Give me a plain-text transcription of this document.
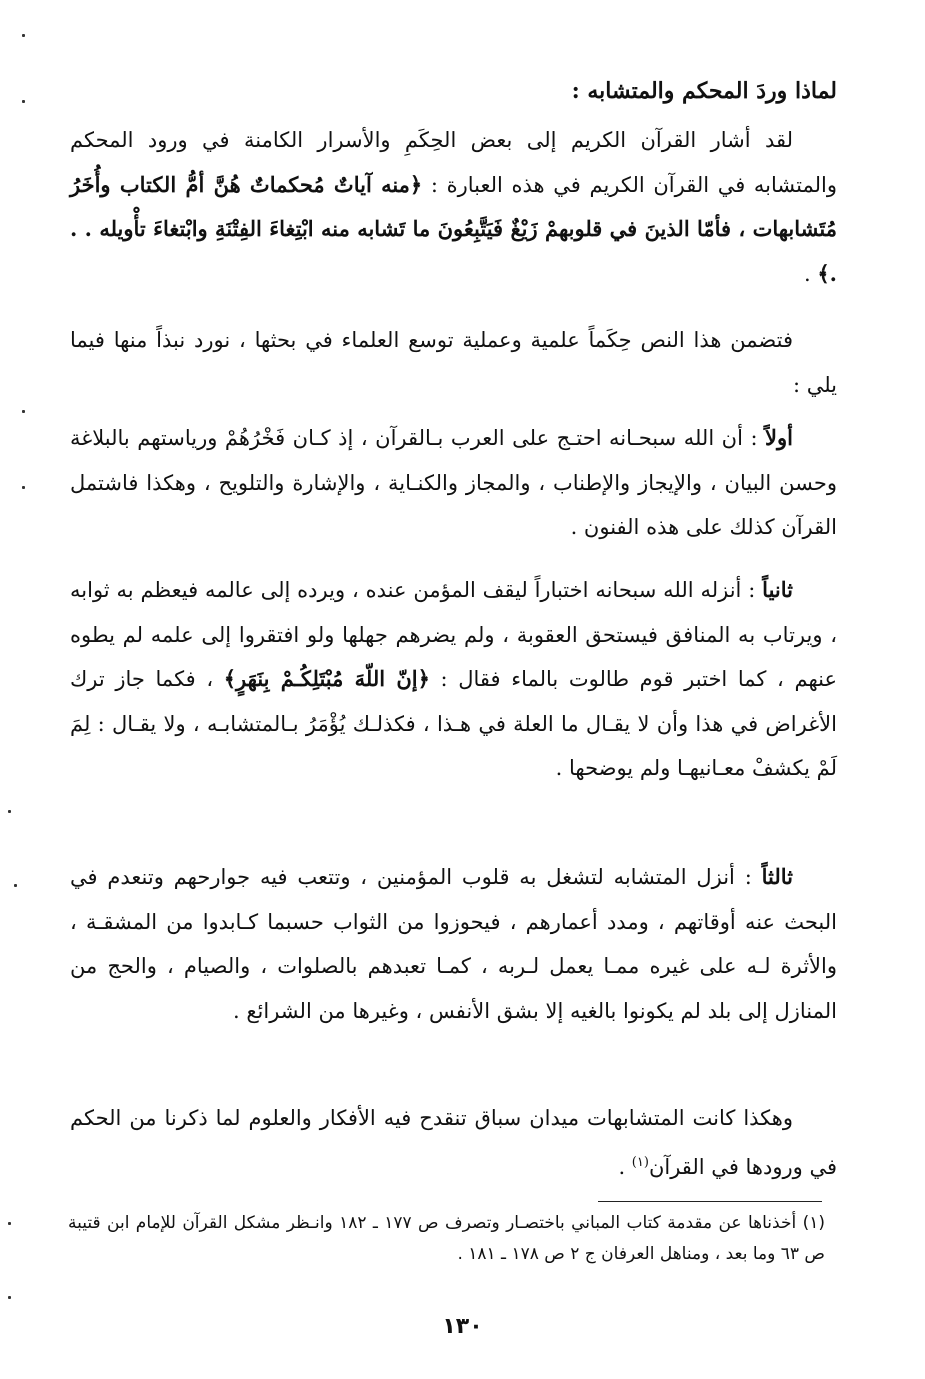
لماذا وردَ المحكم والمتشابه :

لقد أشار القرآن الكريم إلى بعض الحِكَمِ والأسرار الكامنة في ورود المحكم والمتشابه في القرآن الكريم في هذه العبارة : ﴿منه آياتٌ مُحكماتٌ هُنَّ أمُّ الكتاب وأُخَرُ مُتَشابهات ، فأمّا الذينَ في قلوبهمْ زَيْغٌ فَيَتَّبِعُونَ ما تَشابه منه ابْتِغاءَ الفِتْنَةِ وابْتغاءَ تأْويله . . .﴾ .

فتضمن هذا النص حِكَماً علمية وعملية توسع العلماء في بحثها ، نورد نبذاً منها فيما يلي :

أولاً : أن الله سبحـانه احتـج على العرب بـالقرآن ، إذ كـان فَخْرُهُمْ ورياستهم بالبلاغة وحسن البيان ، والإيجاز والإطناب ، والمجاز والكنـاية ، والإشارة والتلويح ، وهكذا فاشتمل القرآن كذلك على هذه الفنون .

ثانياً : أنزله الله سبحانه اختباراً ليقف المؤمن عنده ، ويرده إلى عالمه فيعظم به ثوابه ، ويرتاب به المنافق فيستحق العقوبة ، ولم يضرهم جهلها ولو افتقروا إلى علمه لم يطوه عنهم ، كما اختبر قوم طالوت بالماء فقال : ﴿إنّ اللّهَ مُبْتَلِكُـمْ بِنَهَرٍ﴾ ، فكما جاز ترك الأغراض في هذا وأن لا يقـال ما العلة في هـذا ، فكذلـك يُؤْمَرُ بـالمتشابـه ، ولا يقـال : لِمَ لَمْ يكشفْ معـانيهـا ولم يوضحها .

ثالثاً : أنزل المتشابه لتشغل به قلوب المؤمنين ، وتتعب فيه جوارحهم وتنعدم في البحث عنه أوقاتهم ، ومدد أعمارهم ، فيحوزوا من الثواب حسبما كـابدوا من المشقـة ، والأثرة لـه على غيره ممـا يعمل لـربه ، كمـا تعبدهم بالصلوات ، والصيام ، والحج من المنازل إلى بلد لم يكونوا بالغيه إلا بشق الأنفس ، وغيرها من الشرائع .

وهكذا كانت المتشابهات ميدان سباق تنقدح فيه الأفكار والعلوم لما ذكرنا من الحكم في ورودها في القرآن$^{(١)}$ .

(١) أخذناها عن مقدمة كتاب المباني باختصـار وتصرف ص ١٧٧ ـ ١٨٢ وانـظر مشكل القرآن للإمام ابن قتيبة ص ٦٣ وما بعد ، ومناهل العرفان ج ٢ ص ١٧٨ ـ ١٨١ .
١٣٠
